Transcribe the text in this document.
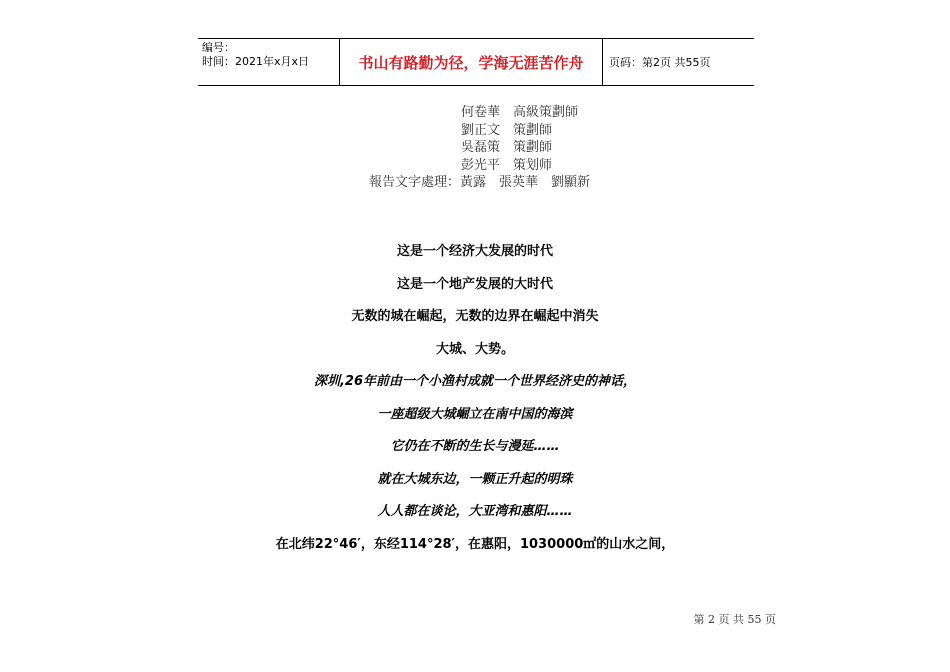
编号：
时间：2021年x月x日	书山有路勤为径，学海无涯苦作舟 页码：第2页 共55页
何卷華　高級策劃師
劉正文　策劃師
吳磊策　策劃師
彭光平　策划师
報告文字處理：黃露　張英華　劉顯新
这是一个经济大发展的时代
这是一个地产发展的大时代
无数的城在崛起，无数的边界在崛起中消失
大城、大势。
深圳,26年前由一个小渔村成就一个世界经济史的神话，
一座超级大城崛立在南中国的海滨
它仍在不断的生长与漫延……
就在大城东边，一颗正升起的明珠
人人都在谈论，大亚湾和惠阳……
在北纬22°46′，东经114°28′，在惠阳，1030000㎡的山水之间，
第 2 页 共 55 页
